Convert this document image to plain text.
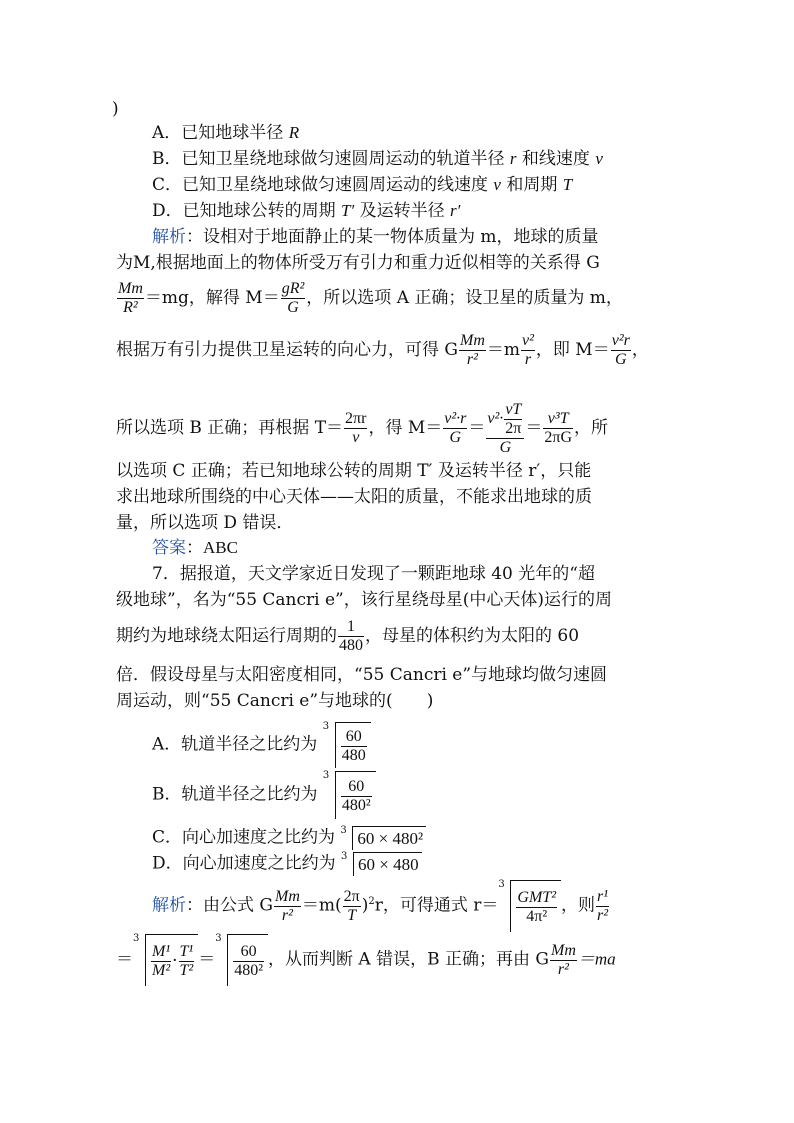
)
A．已知地球半径 R
B．已知卫星绕地球做匀速圆周运动的轨道半径 r 和线速度 v
C．已知卫星绕地球做匀速圆周运动的线速度 v 和周期 T
D．已知地球公转的周期 T′ 及运转半径 r′
解析：设相对于地面静止的某一物体质量为 m，地球的质量
为M,根据地面上的物体所受万有引力和重力近似相等的关系得 G
$\frac{Mm}{\text{R²}} =mg$，解得 $M= \frac{\text{gR²}}{G}$ ，所以选项 A 正确；设卫星的质量为 m，
根据万有引力提供卫星运转的向心力，可得 G $\frac{Mm}{\text{r²}} =m \frac{\text{v²}}{r}$ ，即 $M= \frac{\text{v²r}}{G}$ ，
所以选项 B 正确；再根据 $T= \frac{2\pi r}{v}$ ，得 $M= \frac{\text{v²·r}}{G} = \frac{v^2\cdot \frac{vT}{2\pi}}{G} = \frac{\text{v³T}}{2\pi G}$ ，所
以选项 C 正确；若已知地球公转的周期 T′ 及运转半径 r′，只能
求出地球所围绕的中心天体——太阳的质量，不能求出地球的质
量，所以选项 D 错误．
答案：ABC
7．据报道，天文学家近日发现了一颗距地球 40 光年的“超
级地球”，名为“55 Cancri e”，该行星绕母星(中心天体)运行的周
期约为地球绕太阳运行周期的 $\frac{1}{480}$ ，母星的体积约为太阳的 60
倍．假设母星与太阳密度相同，“55 Cancri e”与地球均做匀速圆
周运动，则“55 Cancri e”与地球的( )
A．轨道半径之比约为
3
$\frac{60}{480}$
B．轨道半径之比约为
3
$\frac{60}{\text{480²}}$
C．向心加速度之比约为 3 60 × 480²
D．向心加速度之比约为 3 60 × 480
解析：由公式 G $\frac{Mm}{\text{r²}} =m( \frac{2\pi}{T} )^2r$，可得通式 r＝
3
$\frac{\text{GMT²}}{\text{4π²}}$ ，则 $\frac{\text{r¹}}{\text{r²}}$
＝
3
$\frac{\text{M¹}}{\text{M²}} \cdot \frac{\text{T¹}}{\text{T²}}$ ＝
3
$\frac{60}{\text{480²}}$ ，从而判断 A 错误，B 正确；再由 G $\frac{Mm}{\text{r²}} =ma$
